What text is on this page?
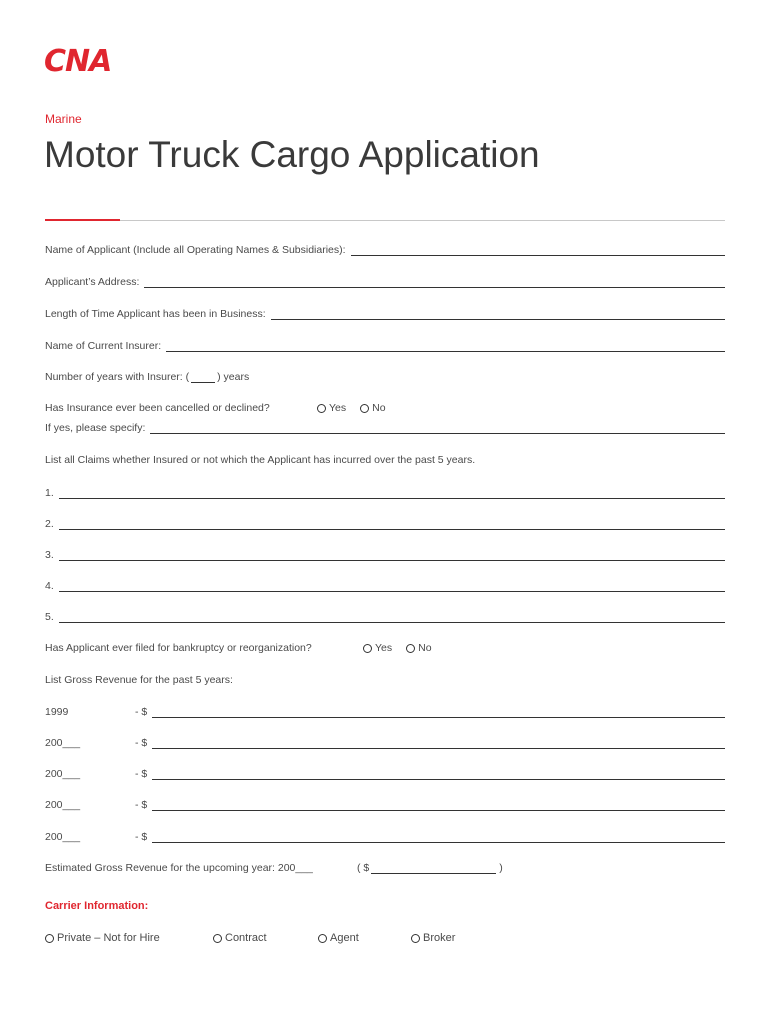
CNA
Marine
Motor Truck Cargo Application
Name of Applicant (Include all Operating Names & Subsidiaries):
Applicant’s Address:
Length of Time Applicant has been in Business:
Name of Current Insurer:
Number of years with Insurer: (	) years
Has Insurance ever been cancelled or declined?	Yes No
If yes, please specify:
List all Claims whether Insured or not which the Applicant has incurred over the past 5 years.
1.
2.
3.
4.
5.
Has Applicant ever filed for bankruptcy or reorganization?	Yes No
List Gross Revenue for the past 5 years:
1999	- $
200___	- $
200___	- $
200___	- $
200___	- $
Estimated Gross Revenue for the upcoming year: 200___	( $	)
Carrier Information:
Private – Not for Hire	Contract	Agent	Broker
